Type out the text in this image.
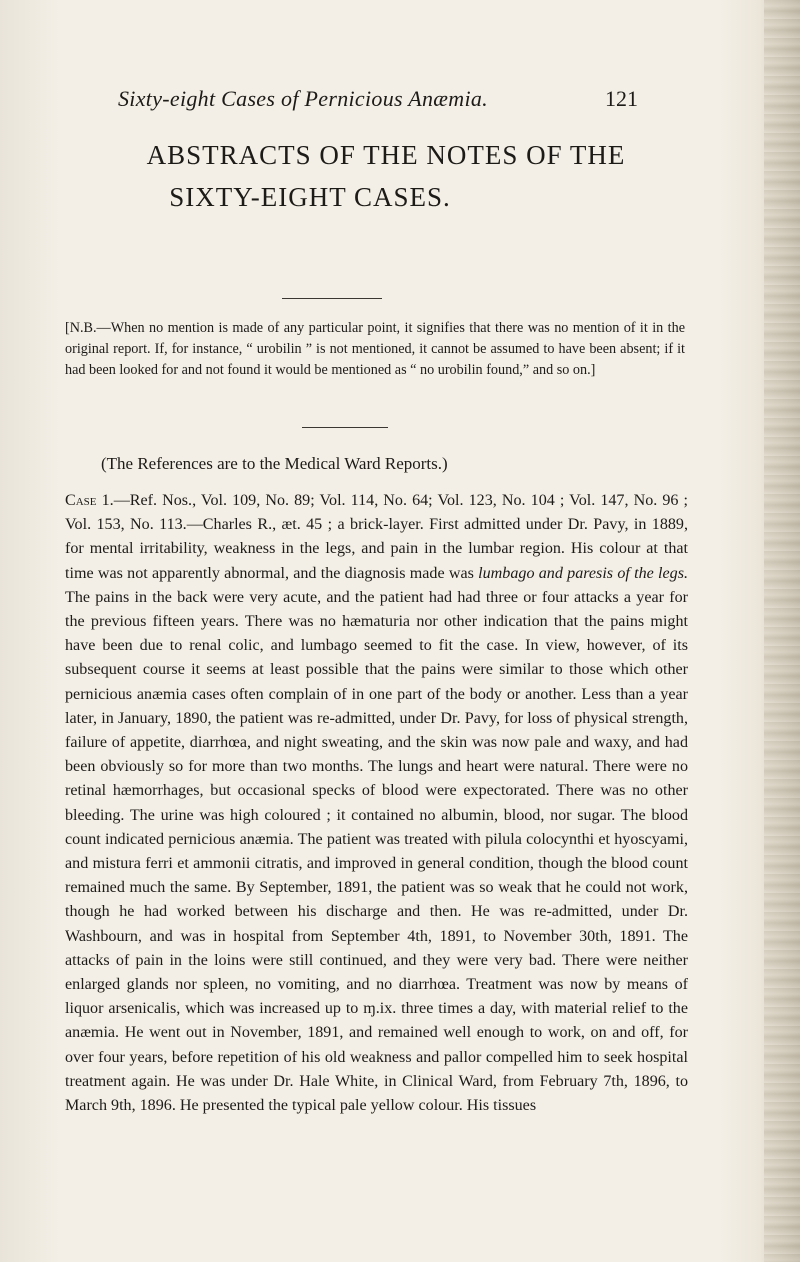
Sixty-eight Cases of Pernicious Anæmia.	121
ABSTRACTS OF THE NOTES OF THE
SIXTY-EIGHT CASES.
[N.B.—When no mention is made of any particular point, it signifies that there was no mention of it in the original report. If, for instance, “ urobilin ” is not mentioned, it cannot be assumed to have been absent; if it had been looked for and not found it would be mentioned as “ no urobilin found,” and so on.]
(The References are to the Medical Ward Reports.)
Case 1.—Ref. Nos., Vol. 109, No. 89; Vol. 114, No. 64; Vol. 123, No. 104 ; Vol. 147, No. 96 ; Vol. 153, No. 113.—Charles R., æt. 45 ; a brick-layer. First admitted under Dr. Pavy, in 1889, for mental irritability, weakness in the legs, and pain in the lumbar region. His colour at that time was not apparently abnormal, and the diagnosis made was lumbago and paresis of the legs. The pains in the back were very acute, and the patient had had three or four attacks a year for the previous fifteen years. There was no hæmaturia nor other indication that the pains might have been due to renal colic, and lumbago seemed to fit the case. In view, however, of its subsequent course it seems at least possible that the pains were similar to those which other pernicious anæmia cases often complain of in one part of the body or another. Less than a year later, in January, 1890, the patient was re-admitted, under Dr. Pavy, for loss of physical strength, failure of appetite, diarrhœa, and night sweating, and the skin was now pale and waxy, and had been obviously so for more than two months. The lungs and heart were natural. There were no retinal hæmorrhages, but occasional specks of blood were expectorated. There was no other bleeding. The urine was high coloured ; it contained no albumin, blood, nor sugar. The blood count indicated pernicious anæmia. The patient was treated with pilula colocynthi et hyoscyami, and mistura ferri et ammonii citratis, and improved in general condition, though the blood count remained much the same. By September, 1891, the patient was so weak that he could not work, though he had worked between his discharge and then. He was re-admitted, under Dr. Washbourn, and was in hospital from September 4th, 1891, to November 30th, 1891. The attacks of pain in the loins were still continued, and they were very bad. There were neither enlarged glands nor spleen, no vomiting, and no diarrhœa. Treatment was now by means of liquor arsenicalis, which was increased up to ɱ.ix. three times a day, with material relief to the anæmia. He went out in November, 1891, and remained well enough to work, on and off, for over four years, before repetition of his old weakness and pallor compelled him to seek hospital treatment again. He was under Dr. Hale White, in Clinical Ward, from February 7th, 1896, to March 9th, 1896. He presented the typical pale yellow colour. His tissues
